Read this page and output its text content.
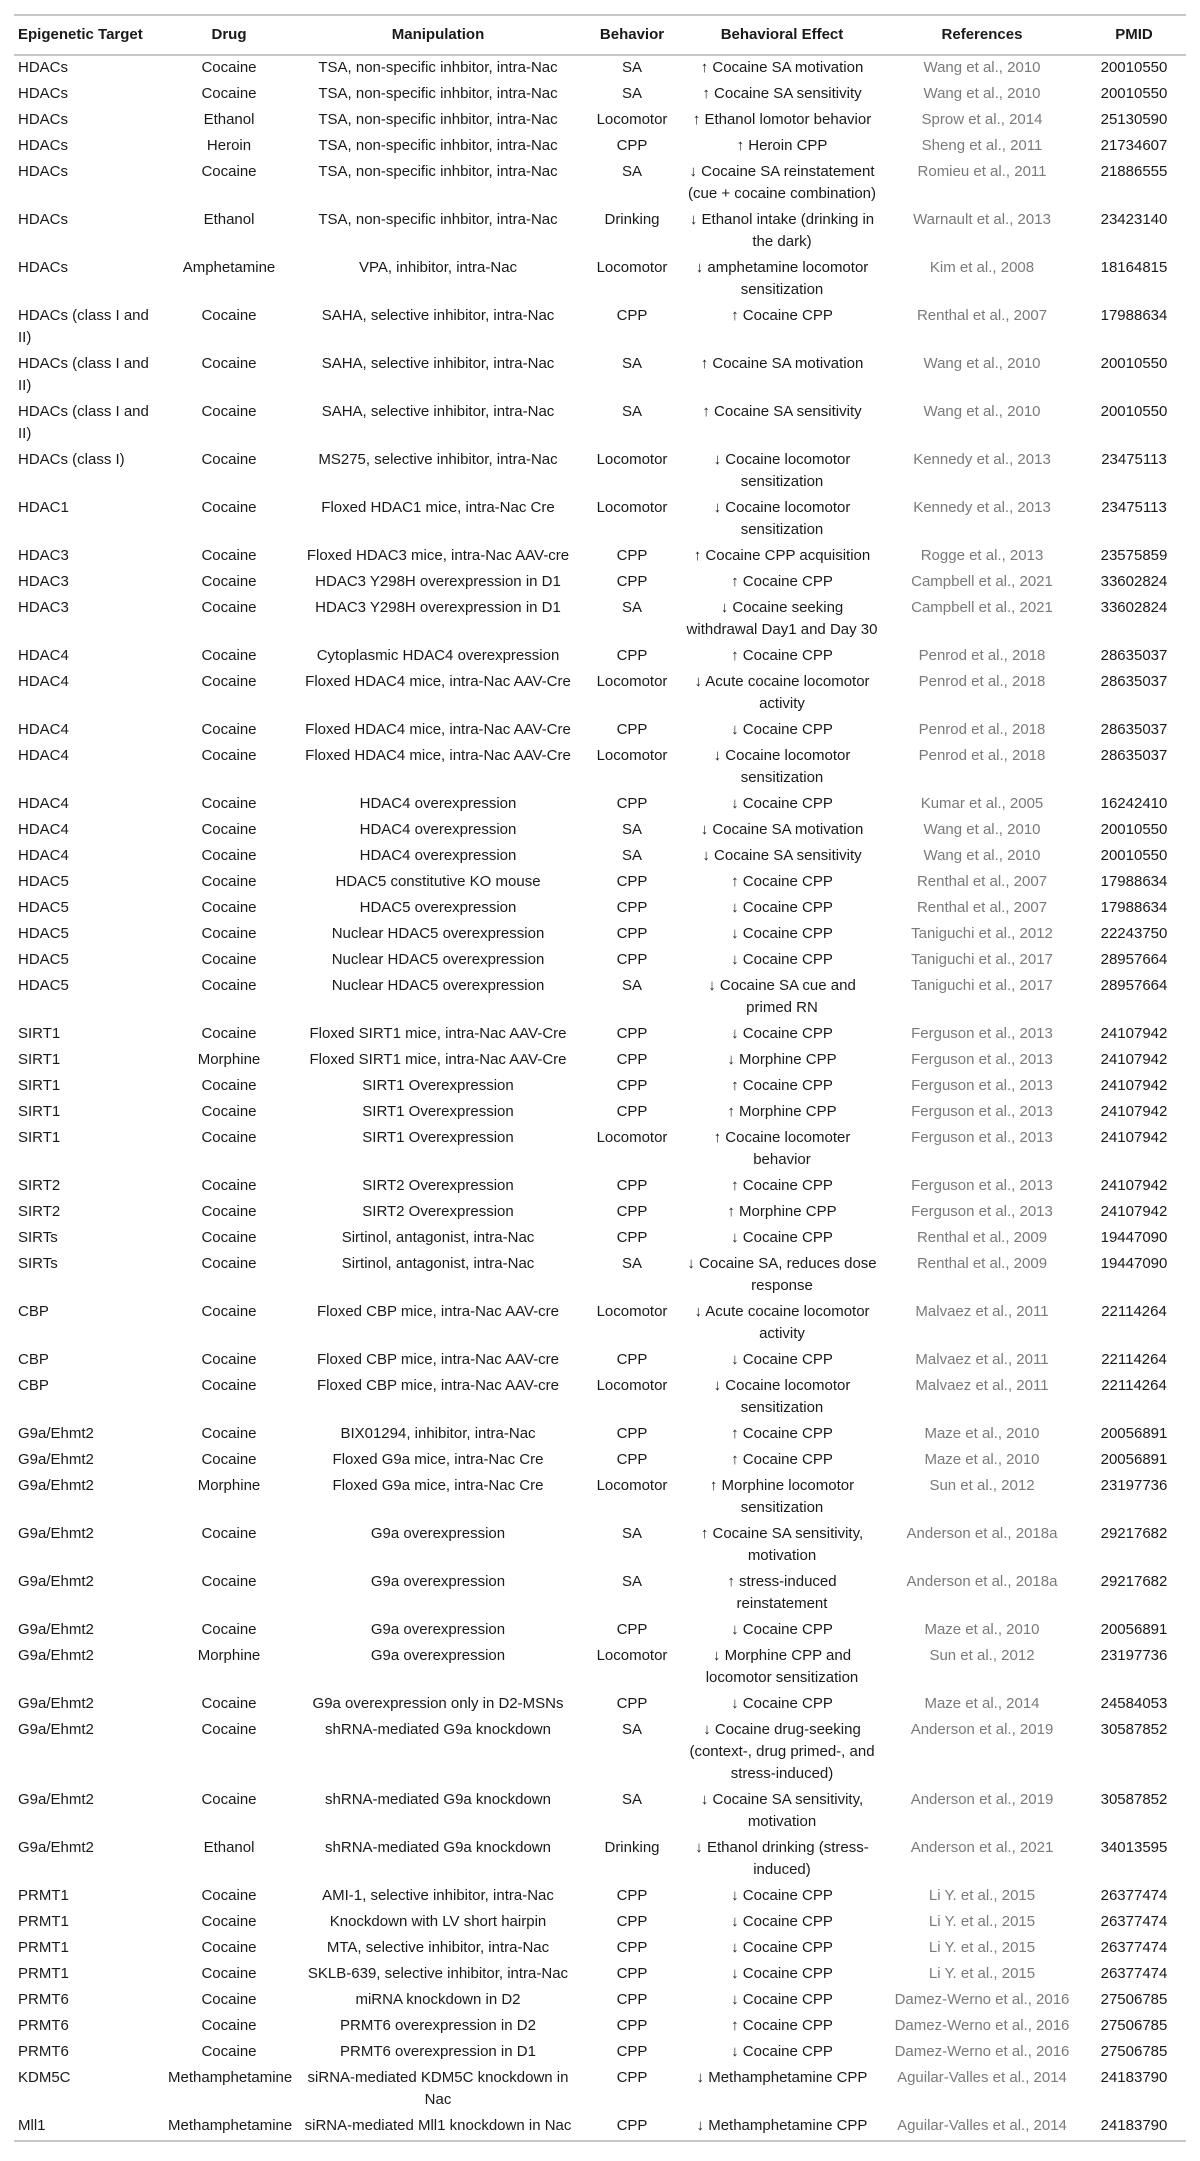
Epigenetic Target	Drug	Manipulation	Behavior	Behavioral Effect	References	PMID
HDACs	Cocaine	TSA, non-specific inhbitor, intra-Nac	SA	↑ Cocaine SA motivation	Wang et al., 2010	20010550
HDACs	Cocaine	TSA, non-specific inhbitor, intra-Nac	SA	↑ Cocaine SA sensitivity	Wang et al., 2010	20010550
HDACs	Ethanol	TSA, non-specific inhbitor, intra-Nac	Locomotor	↑ Ethanol lomotor behavior	Sprow et al., 2014	25130590
HDACs	Heroin	TSA, non-specific inhbitor, intra-Nac	CPP	↑ Heroin CPP	Sheng et al., 2011	21734607
HDACs	Cocaine	TSA, non-specific inhbitor, intra-Nac	SA	↓ Cocaine SA reinstatement (cue + cocaine combination)	Romieu et al., 2011	21886555
HDACs	Ethanol	TSA, non-specific inhbitor, intra-Nac	Drinking	↓ Ethanol intake (drinking in the dark)	Warnault et al., 2013	23423140
HDACs	Amphetamine	VPA, inhibitor, intra-Nac	Locomotor	↓ amphetamine locomotor sensitization	Kim et al., 2008	18164815
HDACs (class I and II)	Cocaine	SAHA, selective inhibitor, intra-Nac	CPP	↑ Cocaine CPP	Renthal et al., 2007	17988634
HDACs (class I and II)	Cocaine	SAHA, selective inhibitor, intra-Nac	SA	↑ Cocaine SA motivation	Wang et al., 2010	20010550
HDACs (class I and II)	Cocaine	SAHA, selective inhibitor, intra-Nac	SA	↑ Cocaine SA sensitivity	Wang et al., 2010	20010550
HDACs (class I)	Cocaine	MS275, selective inhibitor, intra-Nac	Locomotor	↓ Cocaine locomotor sensitization	Kennedy et al., 2013	23475113
HDAC1	Cocaine	Floxed HDAC1 mice, intra-Nac Cre	Locomotor	↓ Cocaine locomotor sensitization	Kennedy et al., 2013	23475113
HDAC3	Cocaine	Floxed HDAC3 mice, intra-Nac AAV-cre	CPP	↑ Cocaine CPP acquisition	Rogge et al., 2013	23575859
HDAC3	Cocaine	HDAC3 Y298H overexpression in D1	CPP	↑ Cocaine CPP	Campbell et al., 2021	33602824
HDAC3	Cocaine	HDAC3 Y298H overexpression in D1	SA	↓ Cocaine seeking withdrawal Day1 and Day 30	Campbell et al., 2021	33602824
HDAC4	Cocaine	Cytoplasmic HDAC4 overexpression	CPP	↑ Cocaine CPP	Penrod et al., 2018	28635037
HDAC4	Cocaine	Floxed HDAC4 mice, intra-Nac AAV-Cre	Locomotor	↓ Acute cocaine locomotor activity	Penrod et al., 2018	28635037
HDAC4	Cocaine	Floxed HDAC4 mice, intra-Nac AAV-Cre	CPP	↓ Cocaine CPP	Penrod et al., 2018	28635037
HDAC4	Cocaine	Floxed HDAC4 mice, intra-Nac AAV-Cre	Locomotor	↓ Cocaine locomotor sensitization	Penrod et al., 2018	28635037
HDAC4	Cocaine	HDAC4 overexpression	CPP	↓ Cocaine CPP	Kumar et al., 2005	16242410
HDAC4	Cocaine	HDAC4 overexpression	SA	↓ Cocaine SA motivation	Wang et al., 2010	20010550
HDAC4	Cocaine	HDAC4 overexpression	SA	↓ Cocaine SA sensitivity	Wang et al., 2010	20010550
HDAC5	Cocaine	HDAC5 constitutive KO mouse	CPP	↑ Cocaine CPP	Renthal et al., 2007	17988634
HDAC5	Cocaine	HDAC5 overexpression	CPP	↓ Cocaine CPP	Renthal et al., 2007	17988634
HDAC5	Cocaine	Nuclear HDAC5 overexpression	CPP	↓ Cocaine CPP	Taniguchi et al., 2012	22243750
HDAC5	Cocaine	Nuclear HDAC5 overexpression	CPP	↓ Cocaine CPP	Taniguchi et al., 2017	28957664
HDAC5	Cocaine	Nuclear HDAC5 overexpression	SA	↓ Cocaine SA cue and primed RN	Taniguchi et al., 2017	28957664
SIRT1	Cocaine	Floxed SIRT1 mice, intra-Nac AAV-Cre	CPP	↓ Cocaine CPP	Ferguson et al., 2013	24107942
SIRT1	Morphine	Floxed SIRT1 mice, intra-Nac AAV-Cre	CPP	↓ Morphine CPP	Ferguson et al., 2013	24107942
SIRT1	Cocaine	SIRT1 Overexpression	CPP	↑ Cocaine CPP	Ferguson et al., 2013	24107942
SIRT1	Cocaine	SIRT1 Overexpression	CPP	↑ Morphine CPP	Ferguson et al., 2013	24107942
SIRT1	Cocaine	SIRT1 Overexpression	Locomotor	↑ Cocaine locomoter behavior	Ferguson et al., 2013	24107942
SIRT2	Cocaine	SIRT2 Overexpression	CPP	↑ Cocaine CPP	Ferguson et al., 2013	24107942
SIRT2	Cocaine	SIRT2 Overexpression	CPP	↑ Morphine CPP	Ferguson et al., 2013	24107942
SIRTs	Cocaine	Sirtinol, antagonist, intra-Nac	CPP	↓ Cocaine CPP	Renthal et al., 2009	19447090
SIRTs	Cocaine	Sirtinol, antagonist, intra-Nac	SA	↓ Cocaine SA, reduces dose response	Renthal et al., 2009	19447090
CBP	Cocaine	Floxed CBP mice, intra-Nac AAV-cre	Locomotor	↓ Acute cocaine locomotor activity	Malvaez et al., 2011	22114264
CBP	Cocaine	Floxed CBP mice, intra-Nac AAV-cre	CPP	↓ Cocaine CPP	Malvaez et al., 2011	22114264
CBP	Cocaine	Floxed CBP mice, intra-Nac AAV-cre	Locomotor	↓ Cocaine locomotor sensitization	Malvaez et al., 2011	22114264
G9a/Ehmt2	Cocaine	BIX01294, inhibitor, intra-Nac	CPP	↑ Cocaine CPP	Maze et al., 2010	20056891
G9a/Ehmt2	Cocaine	Floxed G9a mice, intra-Nac Cre	CPP	↑ Cocaine CPP	Maze et al., 2010	20056891
G9a/Ehmt2	Morphine	Floxed G9a mice, intra-Nac Cre	Locomotor	↑ Morphine locomotor sensitization	Sun et al., 2012	23197736
G9a/Ehmt2	Cocaine	G9a overexpression	SA	↑ Cocaine SA sensitivity, motivation	Anderson et al., 2018a	29217682
G9a/Ehmt2	Cocaine	G9a overexpression	SA	↑ stress-induced reinstatement	Anderson et al., 2018a	29217682
G9a/Ehmt2	Cocaine	G9a overexpression	CPP	↓ Cocaine CPP	Maze et al., 2010	20056891
G9a/Ehmt2	Morphine	G9a overexpression	Locomotor	↓ Morphine CPP and locomotor sensitization	Sun et al., 2012	23197736
G9a/Ehmt2	Cocaine	G9a overexpression only in D2-MSNs	CPP	↓ Cocaine CPP	Maze et al., 2014	24584053
G9a/Ehmt2	Cocaine	shRNA-mediated G9a knockdown	SA	↓ Cocaine drug-seeking (context-, drug primed-, and stress-induced)	Anderson et al., 2019	30587852
G9a/Ehmt2	Cocaine	shRNA-mediated G9a knockdown	SA	↓ Cocaine SA sensitivity, motivation	Anderson et al., 2019	30587852
G9a/Ehmt2	Ethanol	shRNA-mediated G9a knockdown	Drinking	↓ Ethanol drinking (stress-induced)	Anderson et al., 2021	34013595
PRMT1	Cocaine	AMI-1, selective inhibitor, intra-Nac	CPP	↓ Cocaine CPP	Li Y. et al., 2015	26377474
PRMT1	Cocaine	Knockdown with LV short hairpin	CPP	↓ Cocaine CPP	Li Y. et al., 2015	26377474
PRMT1	Cocaine	MTA, selective inhibitor, intra-Nac	CPP	↓ Cocaine CPP	Li Y. et al., 2015	26377474
PRMT1	Cocaine	SKLB-639, selective inhibitor, intra-Nac	CPP	↓ Cocaine CPP	Li Y. et al., 2015	26377474
PRMT6	Cocaine	miRNA knockdown in D2	CPP	↓ Cocaine CPP	Damez-Werno et al., 2016	27506785
PRMT6	Cocaine	PRMT6 overexpression in D2	CPP	↑ Cocaine CPP	Damez-Werno et al., 2016	27506785
PRMT6	Cocaine	PRMT6 overexpression in D1	CPP	↓ Cocaine CPP	Damez-Werno et al., 2016	27506785
KDM5C	Methamphetamine	siRNA-mediated KDM5C knockdown in Nac	CPP	↓ Methamphetamine CPP	Aguilar-Valles et al., 2014	24183790
Mll1	Methamphetamine	siRNA-mediated Mll1 knockdown in Nac	CPP	↓ Methamphetamine CPP	Aguilar-Valles et al., 2014	24183790
